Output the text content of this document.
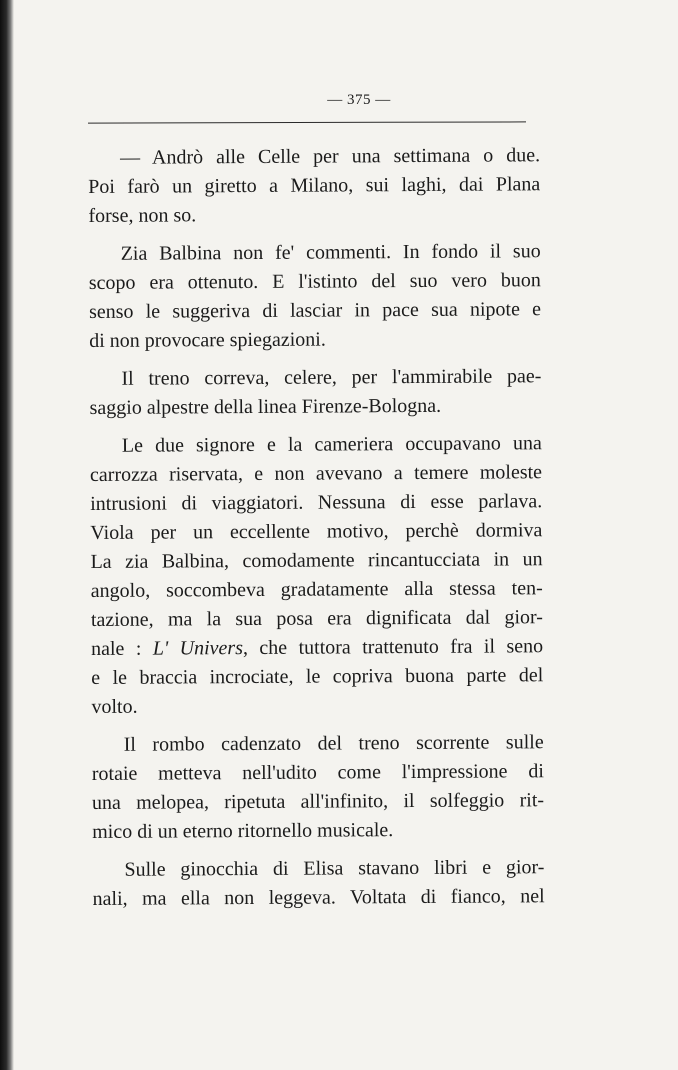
— 375 —
— Andrò alle Celle per una settimana o due.
Poi farò un giretto a Milano, sui laghi, dai Plana
forse, non so.
Zia Balbina non fe' commenti. In fondo il suo
scopo era ottenuto. E l'istinto del suo vero buon
senso le suggeriva di lasciar in pace sua nipote e
di non provocare spiegazioni.
Il treno correva, celere, per l'ammirabile pae-
saggio alpestre della linea Firenze-Bologna.
Le due signore e la cameriera occupavano una
carrozza riservata, e non avevano a temere moleste
intrusioni di viaggiatori. Nessuna di esse parlava.
Viola per un eccellente motivo, perchè dormiva
La zia Balbina, comodamente rincantucciata in un
angolo, soccombeva gradatamente alla stessa ten-
tazione, ma la sua posa era dignificata dal gior-
nale : L' Univers, che tuttora trattenuto fra il seno
e le braccia incrociate, le copriva buona parte del
volto.
Il rombo cadenzato del treno scorrente sulle
rotaie metteva nell'udito come l'impressione di
una melopea, ripetuta all'infinito, il solfeggio rit-
mico di un eterno ritornello musicale.
Sulle ginocchia di Elisa stavano libri e gior-
nali, ma ella non leggeva. Voltata di fianco, nel
